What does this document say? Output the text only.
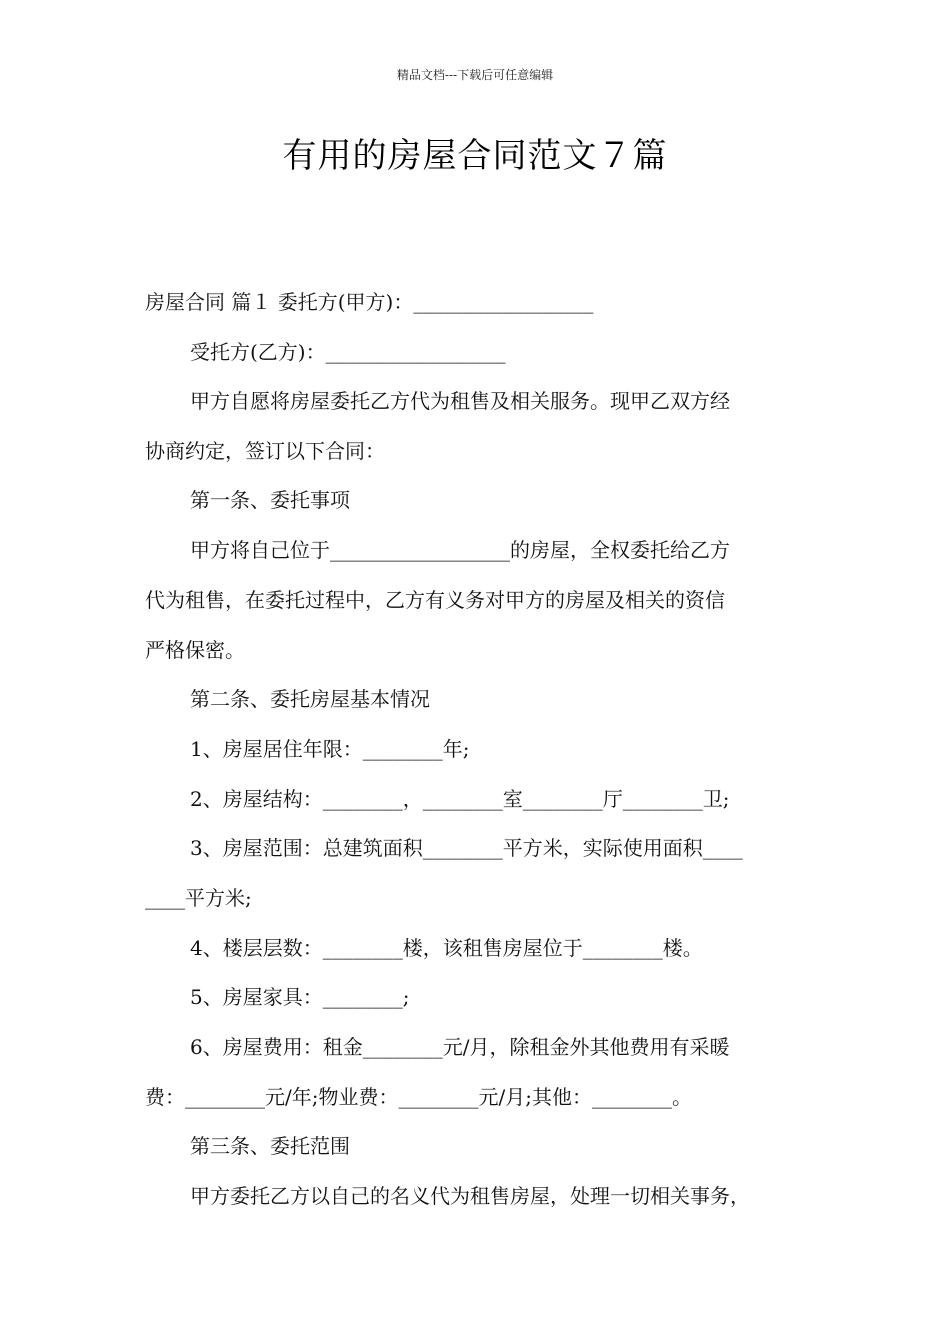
精品文档---下载后可任意编辑
有用的房屋合同范文７篇
房屋合同 篇１ 委托方(甲方)：__________________
受托方(乙方)：__________________
甲方自愿将房屋委托乙方代为租售及相关服务。现甲乙双方经
协商约定，签订以下合同：
第一条、委托事项
甲方将自己位于__________________的房屋，全权委托给乙方
代为租售，在委托过程中，乙方有义务对甲方的房屋及相关的资信
严格保密。
第二条、委托房屋基本情况
1、房屋居住年限：________年;
2、房屋结构：________，________室________厅________卫;
3、房屋范围：总建筑面积________平方米，实际使用面积____
____平方米;
4、楼层层数：________楼，该租售房屋位于________楼。
5、房屋家具：________;
6、房屋费用：租金________元/月，除租金外其他费用有采暖
费：________元/年;物业费：________元/月;其他：________。
第三条、委托范围
甲方委托乙方以自己的名义代为租售房屋，处理一切相关事务，
